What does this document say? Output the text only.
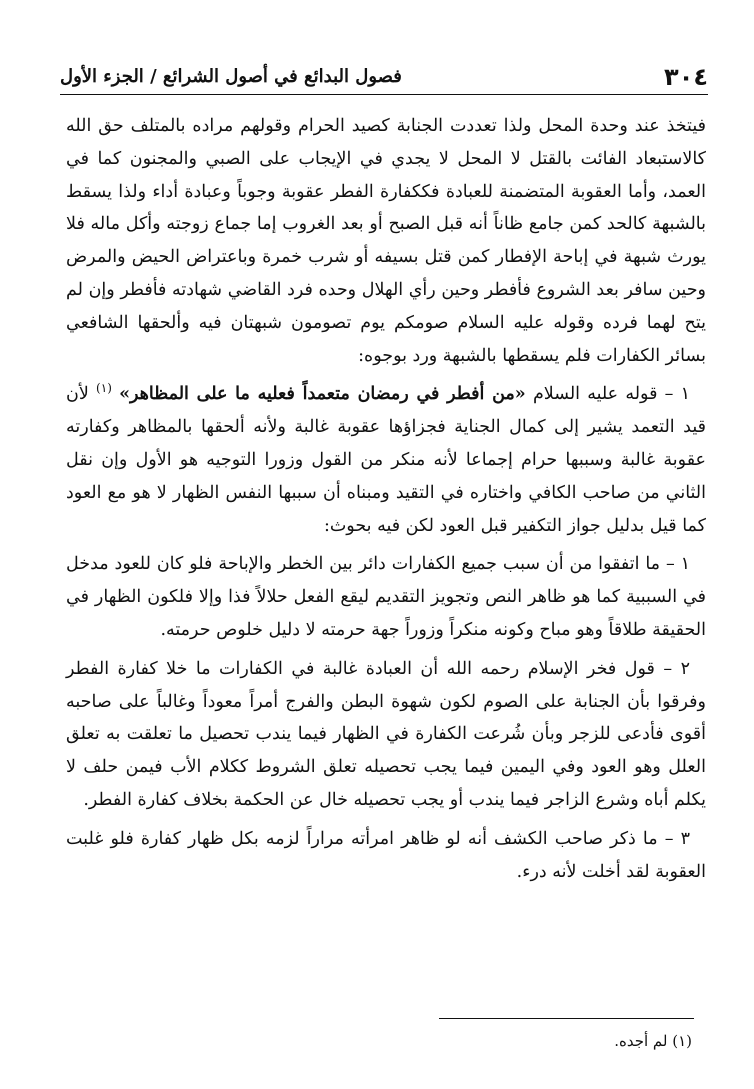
٣٠٤
فصول البدائع في أصول الشرائع / الجزء الأول

فيتخذ عند وحدة المحل ولذا تعددت الجنابة كصيد الحرام وقولهم مراده بالمتلف حق الله كالاستبعاد الفائت بالقتل لا المحل لا يجدي في الإيجاب على الصبي والمجنون كما في العمد، وأما العقوبة المتضمنة للعبادة فككفارة الفطر عقوبة وجوباً وعبادة أداء ولذا يسقط بالشبهة كالحد كمن جامع ظاناً أنه قبل الصبح أو بعد الغروب إما جماع زوجته وأكل ماله فلا يورث شبهة في إباحة الإفطار كمن قتل بسيفه أو شرب خمرة وباعتراض الحيض والمرض وحين سافر بعد الشروع فأفطر وحين رأي الهلال وحده فرد القاضي شهادته فأفطر وإن لم يتح لهما فرده وقوله عليه السلام صومكم يوم تصومون شبهتان فيه وألحقها الشافعي بسائر الكفارات فلم يسقطها بالشبهة ورد بوجوه:

١ – قوله عليه السلام «من أفطر في رمضان متعمداً فعليه ما على المظاهر» $^{(١)}$ لأن قيد التعمد يشير إلى كمال الجناية فجزاؤها عقوبة غالبة ولأنه ألحقها بالمظاهر وكفارته عقوبة غالبة وسببها حرام إجماعا لأنه منكر من القول وزورا التوجيه هو الأول وإن نقل الثاني من صاحب الكافي واختاره في التقيد ومبناه أن سببها النفس الظهار لا هو مع العود كما قيل بدليل جواز التكفير قبل العود لكن فيه بحوث:

١ – ما اتفقوا من أن سبب جميع الكفارات دائر بين الخطر والإباحة فلو كان للعود مدخل في السببية كما هو ظاهر النص وتجويز التقديم ليقع الفعل حلالاً فذا وإلا فلكون الظهار في الحقيقة طلاقاً وهو مباح وكونه منكراً وزوراً جهة حرمته لا دليل خلوص حرمته.

٢ – قول فخر الإسلام رحمه الله أن العبادة غالبة في الكفارات ما خلا كفارة الفطر وفرقوا بأن الجنابة على الصوم لكون شهوة البطن والفرج أمراً معوداً وغالباً على صاحبه أقوى فأدعى للزجر وبأن شُرعت الكفارة في الظهار فيما يندب تحصيل ما تعلقت به تعلق العلل وهو العود وفي اليمين فيما يجب تحصيله تعلق الشروط ككلام الأب فيمن حلف لا يكلم أباه وشرع الزاجر فيما يندب أو يجب تحصيله خال عن الحكمة بخلاف كفارة الفطر.

٣ – ما ذكر صاحب الكشف أنه لو ظاهر امرأته مراراً لزمه بكل ظهار كفارة فلو غلبت العقوبة لقد أخلت لأنه درء.

(١) لم أجده.
